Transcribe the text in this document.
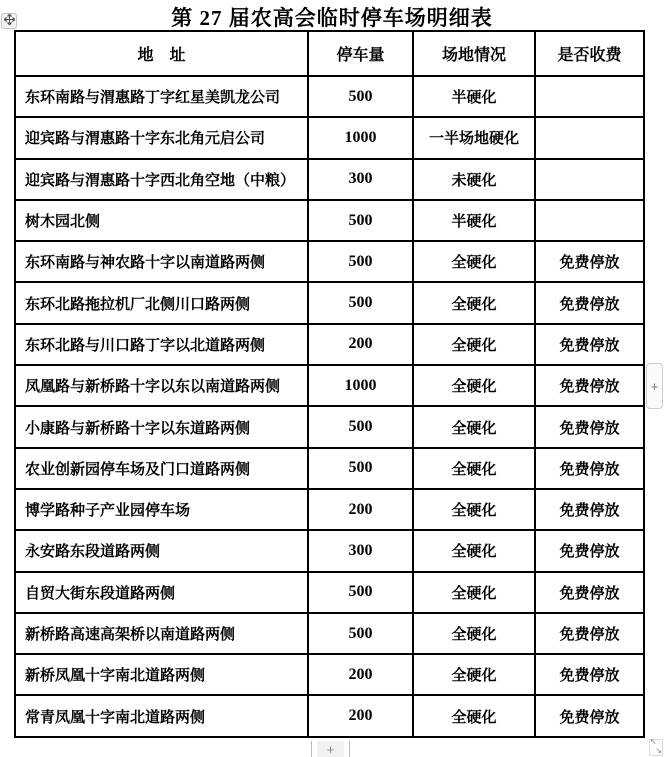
第 27 届农高会临时停车场明细表
地　址	停车量	场地情况	是否收费
东环南路与渭惠路丁字红星美凯龙公司	500	半硬化	
迎宾路与渭惠路十字东北角元启公司	1000	一半场地硬化	
迎宾路与渭惠路十字西北角空地（中粮）	300	未硬化	
树木园北侧	500	半硬化	
东环南路与神农路十字以南道路两侧	500	全硬化	免费停放
东环北路拖拉机厂北侧川口路两侧	500	全硬化	免费停放
东环北路与川口路丁字以北道路两侧	200	全硬化	免费停放
凤凰路与新桥路十字以东以南道路两侧	1000	全硬化	免费停放
小康路与新桥路十字以东道路两侧	500	全硬化	免费停放
农业创新园停车场及门口道路两侧	500	全硬化	免费停放
博学路种子产业园停车场	200	全硬化	免费停放
永安路东段道路两侧	300	全硬化	免费停放
自贸大街东段道路两侧	500	全硬化	免费停放
新桥路高速高架桥以南道路两侧	500	全硬化	免费停放
新桥凤凰十字南北道路两侧	200	全硬化	免费停放
常青凤凰十字南北道路两侧	200	全硬化	免费停放
+
+	↖
↘
